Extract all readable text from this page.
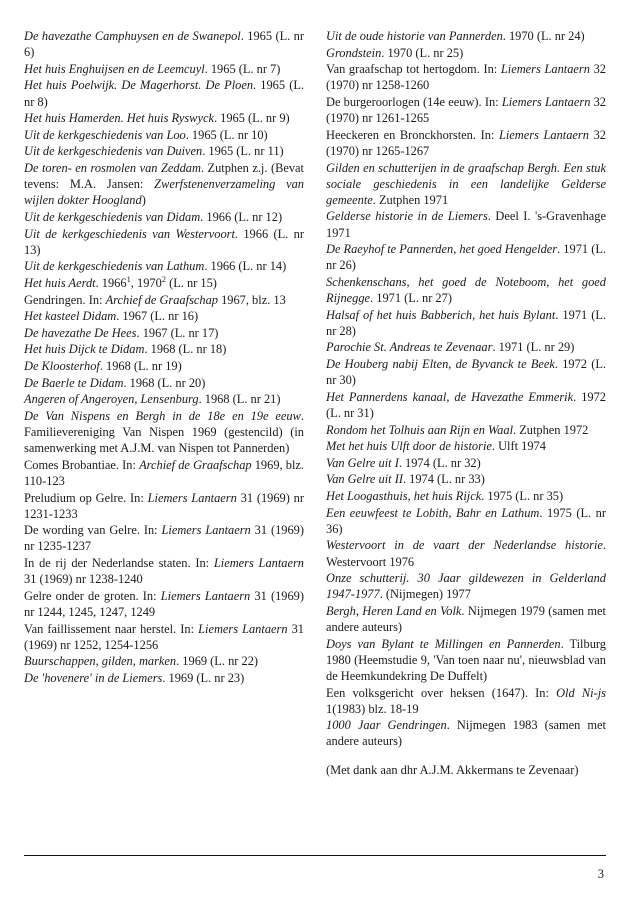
De havezathe Camphuysen en de Swanepol. 1965 (L. nr 6)

Het huis Enghuijsen en de Leemcuyl. 1965 (L. nr 7)

Het huis Poelwijk. De Magerhorst. De Ploen. 1965 (L. nr 8)

Het huis Hamerden. Het huis Ryswyck. 1965 (L. nr 9)

Uit de kerkgeschiedenis van Loo. 1965 (L. nr 10)

Uit de kerkgeschiedenis van Duiven. 1965 (L. nr 11)

De toren- en rosmolen van Zeddam. Zutphen z.j. (Bevat tevens: M.A. Jansen: Zwerfstenenverzameling van wijlen dokter Hoogland)

Uit de kerkgeschiedenis van Didam. 1966 (L. nr 12)

Uit de kerkgeschiedenis van Westervoort. 1966 (L. nr 13)

Uit de kerkgeschiedenis van Lathum. 1966 (L. nr 14)

Het huis Aerdt. 1966$^1$, 1970$^2$ (L. nr 15)

Gendringen. In: Archief de Graafschap 1967, blz. 13

Het kasteel Didam. 1967 (L. nr 16)

De havezathe De Hees. 1967 (L. nr 17)

Het huis Dijck te Didam. 1968 (L. nr 18)

De Kloosterhof. 1968 (L. nr 19)

De Baerle te Didam. 1968 (L. nr 20)

Angeren of Angeroyen, Lensenburg. 1968 (L. nr 21)

De Van Nispens en Bergh in de 18e en 19e eeuw. Familievereniging Van Nispen 1969 (gestencild) (in samenwerking met A.J.M. van Nispen tot Pannerden)

Comes Brobantiae. In: Archief de Graafschap 1969, blz. 110-123

Preludium op Gelre. In: Liemers Lantaern 31 (1969) nr 1231-1233

De wording van Gelre. In: Liemers Lantaern 31 (1969) nr 1235-1237

In de rij der Nederlandse staten. In: Liemers Lantaern 31 (1969) nr 1238-1240

Gelre onder de groten. In: Liemers Lantaern 31 (1969) nr 1244, 1245, 1247, 1249

Van faillissement naar herstel. In: Liemers Lantaern 31 (1969) nr 1252, 1254-1256

Buurschappen, gilden, marken. 1969 (L. nr 22)

De 'hovenere' in de Liemers. 1969 (L. nr 23)

Uit de oude historie van Pannerden. 1970 (L. nr 24)

Grondstein. 1970 (L. nr 25)

Van graafschap tot hertogdom. In: Liemers Lantaern 32 (1970) nr 1258-1260

De burgeroorlogen (14e eeuw). In: Liemers Lantaern 32 (1970) nr 1261-1265

Heeckeren en Bronckhorsten. In: Liemers Lantaern 32 (1970) nr 1265-1267

Gilden en schutterijen in de graafschap Bergh. Een stuk sociale geschiedenis in een landelijke Gelderse gemeente. Zutphen 1971

Gelderse historie in de Liemers. Deel I. 's-Gravenhage 1971

De Raeyhof te Pannerden, het goed Hengelder. 1971 (L. nr 26)

Schenkenschans, het goed de Noteboom, het goed Rijnegge. 1971 (L. nr 27)

Halsaf of het huis Babberich, het huis Bylant. 1971 (L. nr 28)

Parochie St. Andreas te Zevenaar. 1971 (L. nr 29)

De Houberg nabij Elten, de Byvanck te Beek. 1972 (L. nr 30)

Het Pannerdens kanaal, de Havezathe Emmerik. 1972 (L. nr 31)

Rondom het Tolhuis aan Rijn en Waal. Zutphen 1972

Met het huis Ulft door de historie. Ulft 1974

Van Gelre uit I. 1974 (L. nr 32)

Van Gelre uit II. 1974 (L. nr 33)

Het Loogasthuis, het huis Rijck. 1975 (L. nr 35)

Een eeuwfeest te Lobith, Bahr en Lathum. 1975 (L. nr 36)

Westervoort in de vaart der Nederlandse historie. Westervoort 1976

Onze schutterij. 30 Jaar gildewezen in Gelderland 1947-1977. (Nijmegen) 1977

Bergh, Heren Land en Volk. Nijmegen 1979 (samen met andere auteurs)

Doys van Bylant te Millingen en Pannerden. Tilburg 1980 (Heemstudie 9, 'Van toen naar nu', nieuwsblad van de Heemkundekring De Duffelt)

Een volksgericht over heksen (1647). In: Old Ni-js 1(1983) blz. 18-19

1000 Jaar Gendringen. Nijmegen 1983 (samen met andere auteurs)

(Met dank aan dhr A.J.M. Akkermans te Zevenaar)

3
